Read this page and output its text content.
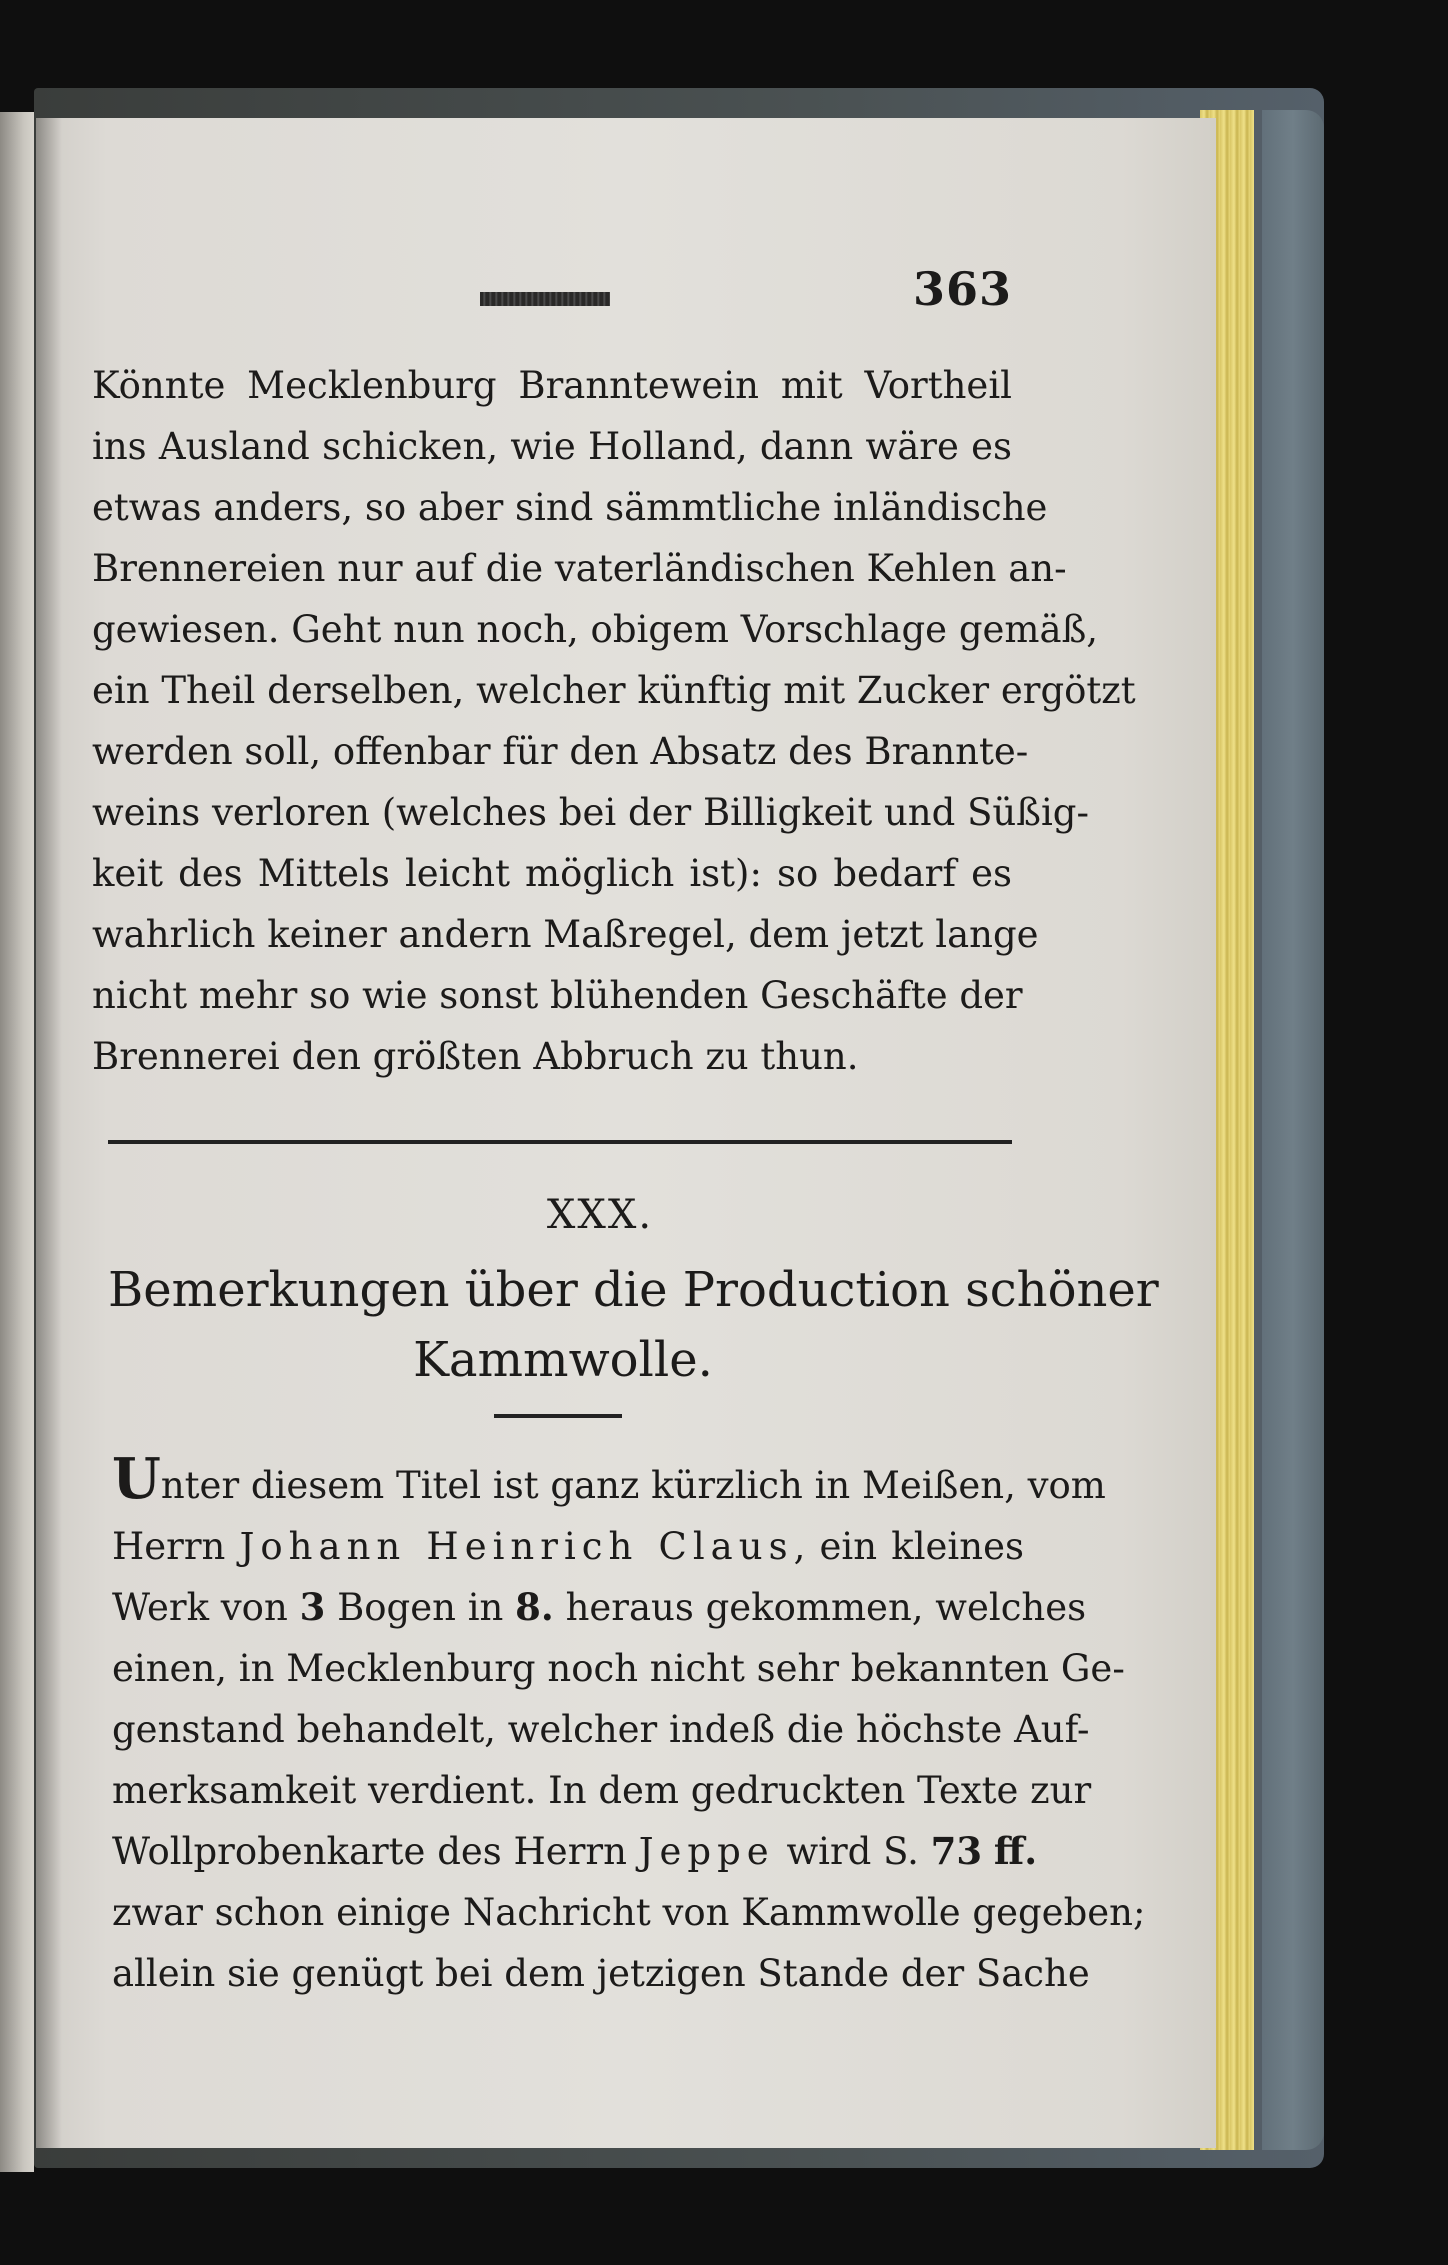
363
Könnte Mecklenburg Branntewein mit Vortheil
ins Ausland schicken, wie Holland, dann wäre es
etwas anders, so aber sind sämmtliche inländische
Brennereien nur auf die vaterländischen Kehlen an-
gewiesen. Geht nun noch, obigem Vorschlage gemäß,
ein Theil derselben, welcher künftig mit Zucker ergötzt
werden soll, offenbar für den Absatz des Brannte-
weins verloren (welches bei der Billigkeit und Süßig-
keit des Mittels leicht möglich ist): so bedarf es
wahrlich keiner andern Maßregel, dem jetzt lange
nicht mehr so wie sonst blühenden Geschäfte der
Brennerei den größten Abbruch zu thun.
XXX.
Bemerkungen über die Production schöner
Kammwolle.
Unter diesem Titel ist ganz kürzlich in Meißen, vom
Herrn Johann Heinrich Claus, ein kleines
Werk von 3 Bogen in 8. heraus gekommen, welches
einen, in Mecklenburg noch nicht sehr bekannten Ge-
genstand behandelt, welcher indeß die höchste Auf-
merksamkeit verdient. In dem gedruckten Texte zur
Wollprobenkarte des Herrn Jeppe wird S. 73 ff.
zwar schon einige Nachricht von Kammwolle gegeben;
allein sie genügt bei dem jetzigen Stande der Sache
